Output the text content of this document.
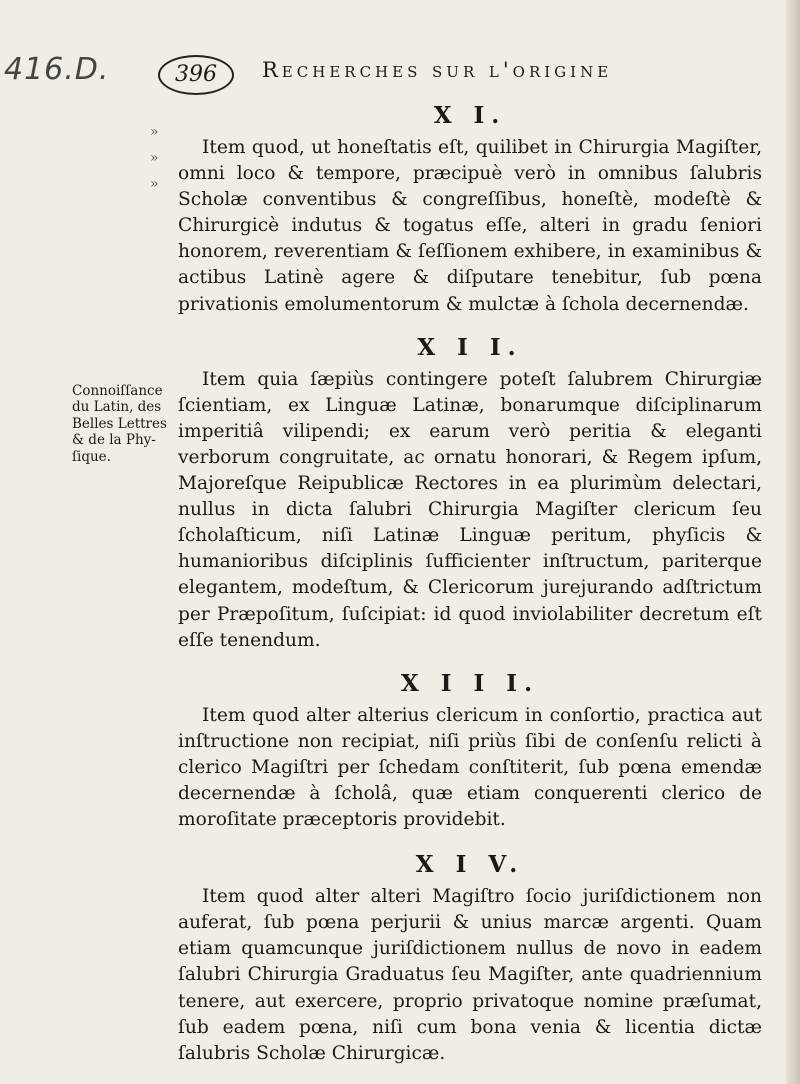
416.D.	396	Recherches sur l'origine
»
»
»
Connoiſſance
du Latin, des
Belles Lettres
& de la Phy-
ſique.
X I.

Item quod, ut honeſtatis eſt, quilibet in Chirurgia Magiſter, omni loco & tempore, præcipuè verò in omnibus ſalubris Scholæ conventibus & congreſſibus, honeſtè, modeſtè & Chirurgicè indutus & togatus eſſe, alteri in gradu ſeniori honorem, reverentiam & ſeſſionem exhibere, in examinibus & actibus Latinè agere & diſputare tenebitur, ſub pœna privationis emolumentorum & mulctæ à ſchola decernendæ.

X I I.

Item quia ſæpiùs contingere poteſt ſalubrem Chirurgiæ ſcientiam, ex Linguæ Latinæ, bonarumque diſciplinarum imperitiâ vilipendi; ex earum verò peritia & eleganti verborum congruitate, ac ornatu honorari, & Regem ipſum, Majoreſque Reipublicæ Rectores in ea plurimùm delectari, nullus in dicta ſalubri Chirurgia Magiſter clericum ſeu ſcholaſticum, niſi Latinæ Linguæ peritum, phyſicis & humanioribus diſciplinis ſufficienter inſtructum, pariterque elegantem, modeſtum, & Clericorum jurejurando adſtrictum per Præpoſitum, ſuſcipiat: id quod inviolabiliter decretum eſt eſſe tenendum.

X I I I.

Item quod alter alterius clericum in conſortio, practica aut inſtructione non recipiat, niſi priùs ſibi de conſenſu relicti à clerico Magiſtri per ſchedam conſtiterit, ſub pœna emendæ decernendæ à ſcholâ, quæ etiam conquerenti clerico de moroſitate præceptoris providebit.

X I V.

Item quod alter alteri Magiſtro ſocio juriſdictionem non auferat, ſub pœna perjurii & unius marcæ argenti. Quam etiam quamcunque juriſdictionem nullus de novo in eadem ſalubri Chirurgia Graduatus ſeu Magiſter, ante quadriennium tenere, aut exercere, proprio privatoque nomine præſumat, ſub eadem pœna, niſi cum bona venia & licentia dictæ ſalubris Scholæ Chirurgicæ.
